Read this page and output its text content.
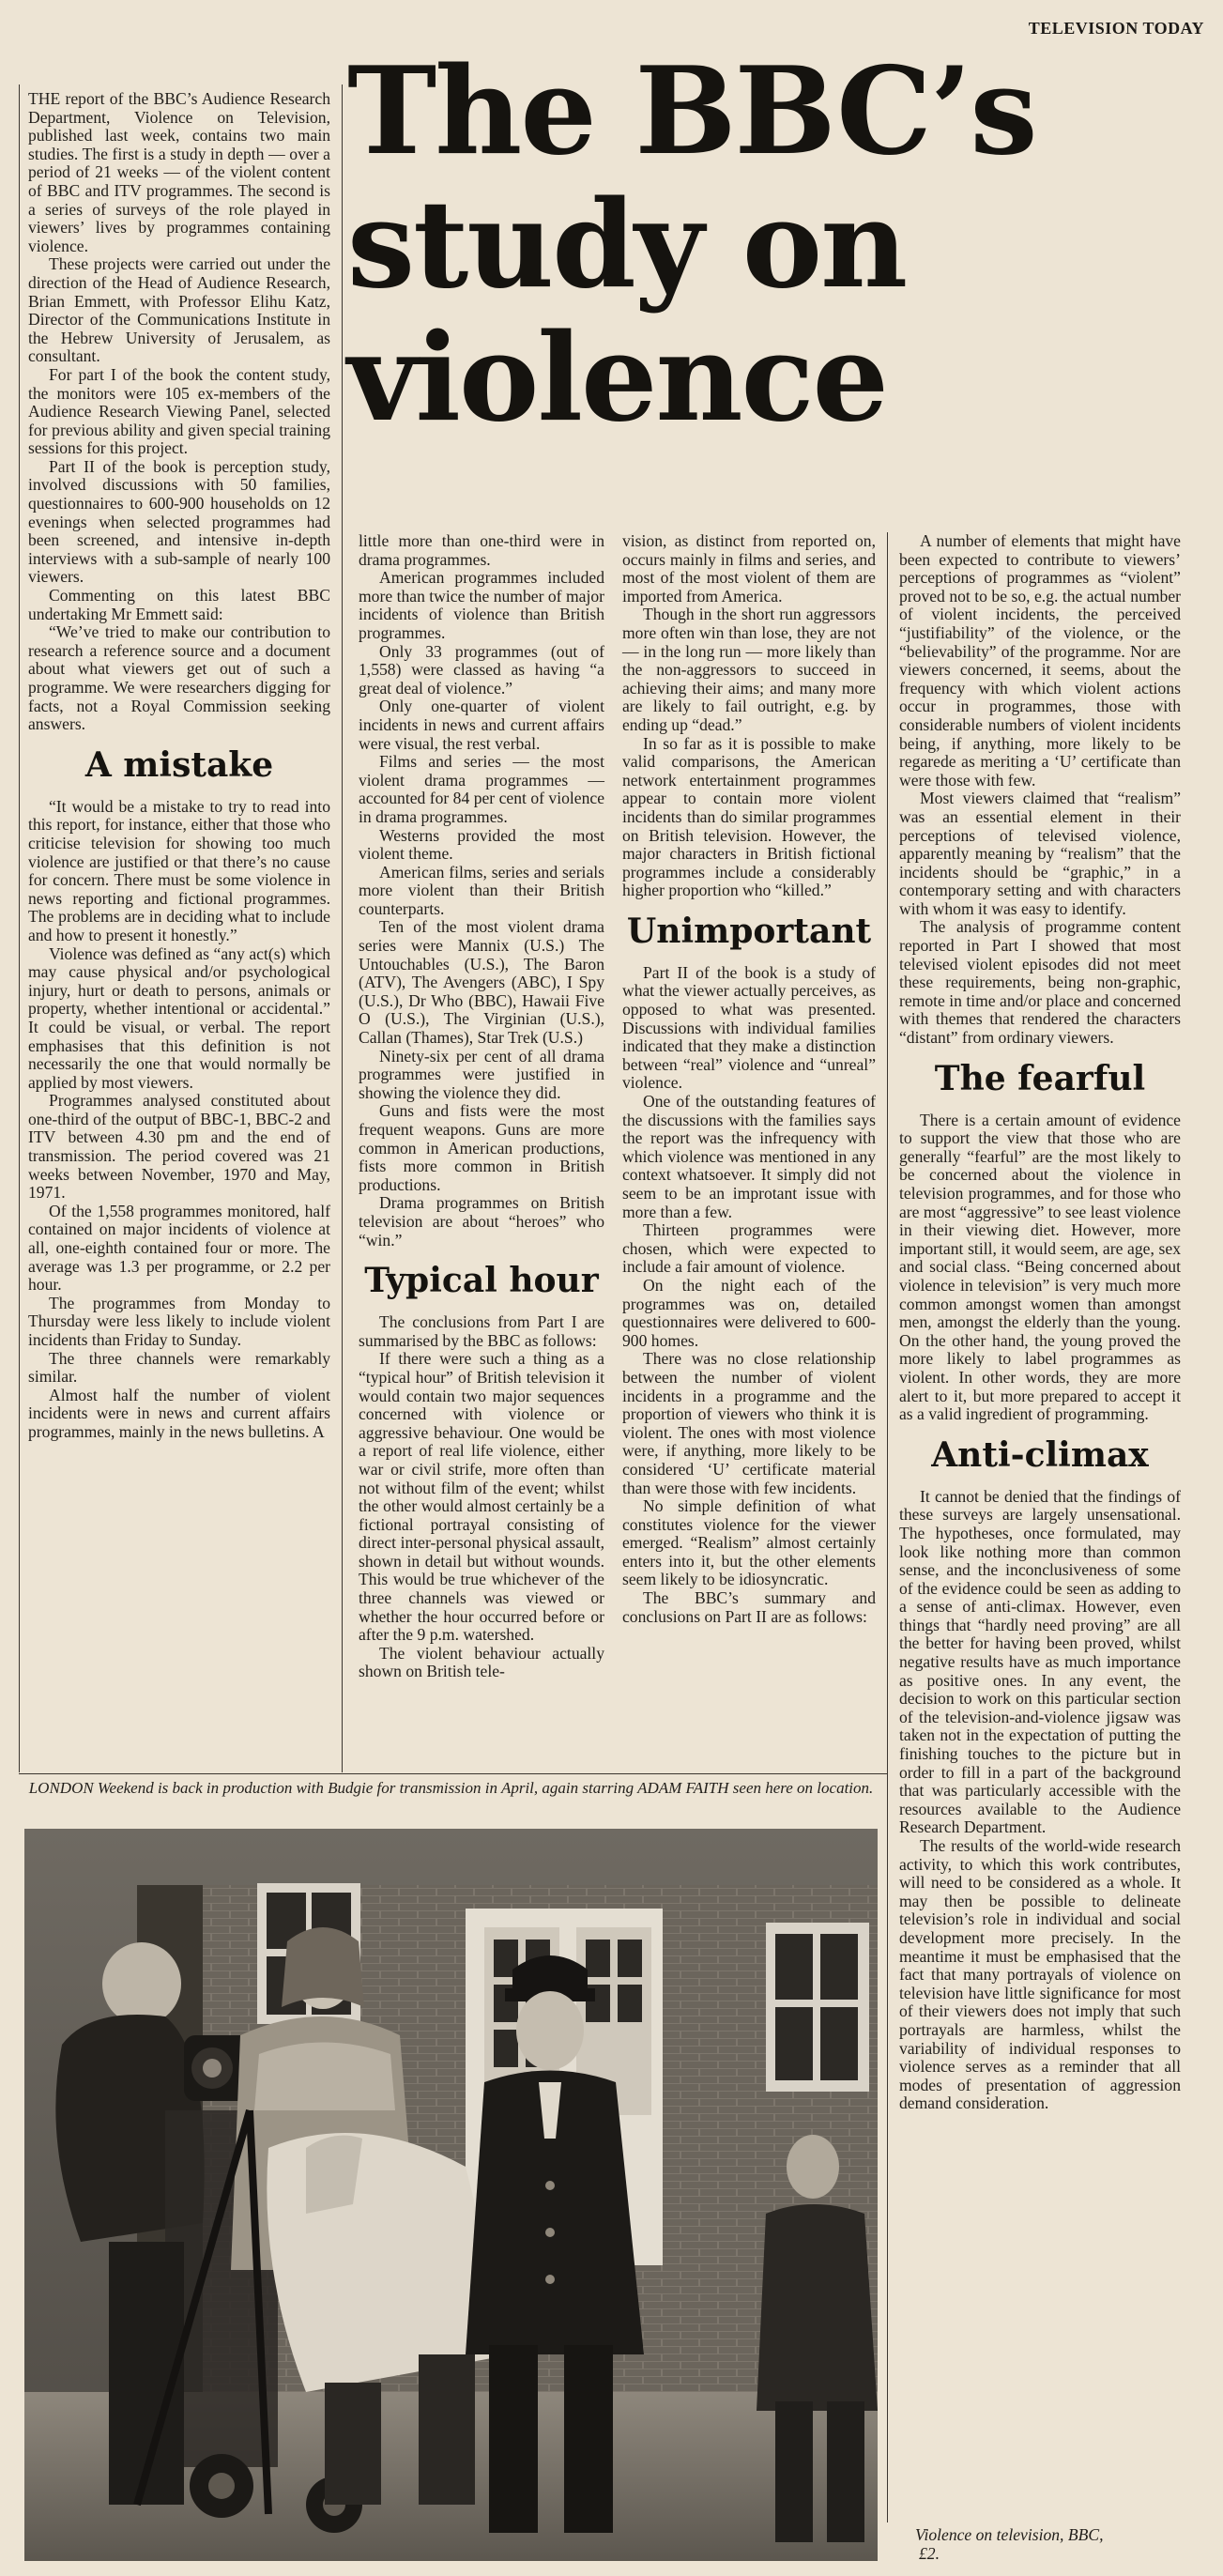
TELEVISION TODAY
The BBC’s
study on
violence

THE report of the BBC’s Audience Research Department, Violence on Television, published last week, contains two main studies. The first is a study in depth — over a period of 21 weeks — of the violent content of BBC and ITV programmes. The second is a series of surveys of the role played in viewers’ lives by programmes containing violence.

These projects were carried out under the direction of the Head of Audience Research, Brian Emmett, with Professor Elihu Katz, Director of the Communications Institute in the Hebrew University of Jerusalem, as consultant.

For part I of the book the content study, the monitors were 105 ex-members of the Audience Research Viewing Panel, selected for previous ability and given special training sessions for this project.

Part II of the book is perception study, involved discussions with 50 families, questionnaires to 600-900 households on 12 evenings when selected programmes had been screened, and intensive in-depth interviews with a sub-sample of nearly 100 viewers.

Commenting on this latest BBC undertaking Mr Emmett said:

“We’ve tried to make our contribution to research a reference source and a document about what viewers get out of such a programme. We were researchers digging for facts, not a Royal Commission seeking answers.

A mistake

“It would be a mistake to try to read into this report, for instance, either that those who criticise television for showing too much violence are justified or that there’s no cause for concern. There must be some violence in news reporting and fictional programmes. The problems are in deciding what to include and how to present it honestly.”

Violence was defined as “any act(s) which may cause physical and/or psychological injury, hurt or death to persons, animals or property, whether intentional or accidental.” It could be visual, or verbal. The report emphasises that this definition is not necessarily the one that would normally be applied by most viewers.

Programmes analysed constituted about one-third of the output of BBC-1, BBC-2 and ITV between 4.30 pm and the end of transmission. The period covered was 21 weeks between November, 1970 and May, 1971.

Of the 1,558 programmes monitored, half contained on major incidents of violence at all, one-eighth contained four or more. The average was 1.3 per programme, or 2.2 per hour.

The programmes from Monday to Thursday were less likely to include violent incidents than Friday to Sunday.

The three channels were remarkably similar.

Almost half the number of violent incidents were in news and current affairs programmes, mainly in the news bulletins. A

little more than one-third were in drama programmes.

American programmes included more than twice the number of major incidents of violence than British programmes.

Only 33 programmes (out of 1,558) were classed as having “a great deal of violence.”

Only one-quarter of violent incidents in news and current affairs were visual, the rest verbal.

Films and series — the most violent drama programmes — accounted for 84 per cent of violence in drama programmes.

Westerns provided the most violent theme.

American films, series and serials more violent than their British counterparts.

Ten of the most violent drama series were Mannix (U.S.) The Untouchables (U.S.), The Baron (ATV), The Avengers (ABC), I Spy (U.S.), Dr Who (BBC), Hawaii Five O (U.S.), The Virginian (U.S.), Callan (Thames), Star Trek (U.S.)

Ninety-six per cent of all drama programmes were justified in showing the violence they did.

Guns and fists were the most frequent weapons. Guns are more common in American productions, fists more common in British productions.

Drama programmes on British television are about “heroes” who “win.”

Typical hour

The conclusions from Part I are summarised by the BBC as follows:

If there were such a thing as a “typical hour” of British television it would contain two major sequences concerned with violence or aggressive behaviour. One would be a report of real life violence, either war or civil strife, more often than not without film of the event; whilst the other would almost certainly be a fictional portrayal consisting of direct inter-personal physical assault, shown in detail but without wounds. This would be true whichever of the three channels was viewed or whether the hour occurred before or after the 9 p.m. watershed.

The violent behaviour actually shown on British tele-

vision, as distinct from reported on, occurs mainly in films and series, and most of the most violent of them are imported from America.

Though in the short run aggressors more often win than lose, they are not — in the long run — more likely than the non-aggressors to succeed in achieving their aims; and many more are likely to fail outright, e.g. by ending up “dead.”

In so far as it is possible to make valid comparisons, the American network entertainment programmes appear to contain more violent incidents than do similar programmes on British television. However, the major characters in British fictional programmes include a considerably higher proportion who “killed.”

Unimportant

Part II of the book is a study of what the viewer actually perceives, as opposed to what was presented. Discussions with individual families indicated that they make a distinction between “real” violence and “unreal” violence.

One of the outstanding features of the discussions with the families says the report was the infrequency with which violence was mentioned in any context whatsoever. It simply did not seem to be an improtant issue with more than a few.

Thirteen programmes were chosen, which were expected to include a fair amount of violence.

On the night each of the programmes was on, detailed questionnaires were delivered to 600-900 homes.

There was no close relationship between the number of violent incidents in a programme and the proportion of viewers who think it is violent. The ones with most violence were, if anything, more likely to be considered ‘U’ certificate material than were those with few incidents.

No simple definition of what constitutes violence for the viewer emerged. “Realism” almost certainly enters into it, but the other elements seem likely to be idiosyncratic.

The BBC’s summary and conclusions on Part II are as follows:

A number of elements that might have been expected to contribute to viewers’ perceptions of programmes as “violent” proved not to be so, e.g. the actual number of violent incidents, the perceived “justifiability” of the violence, or the “believability” of the programme. Nor are viewers concerned, it seems, about the frequency with which violent actions occur in programmes, those with considerable numbers of violent incidents being, if anything, more likely to be regarede as meriting a ‘U’ certificate than were those with few.

Most viewers claimed that “realism” was an essential element in their perceptions of televised violence, apparently meaning by “realism” that the incidents should be “graphic,” in a contemporary setting and with characters with whom it was easy to identify.

The analysis of programme content reported in Part I showed that most televised violent episodes did not meet these requirements, being non-graphic, remote in time and/or place and concerned with themes that rendered the characters “distant” from ordinary viewers.

The fearful

There is a certain amount of evidence to support the view that those who are generally “fearful” are the most likely to be concerned about the violence in television programmes, and for those who are most “aggressive” to see least violence in their viewing diet. However, more important still, it would seem, are age, sex and social class. “Being concerned about violence in television” is very much more common amongst women than amongst men, amongst the elderly than the young. On the other hand, the young proved the more likely to label programmes as violent. In other words, they are more alert to it, but more prepared to accept it as a valid ingredient of programming.

Anti-climax

It cannot be denied that the findings of these surveys are largely unsensational. The hypotheses, once formulated, may look like nothing more than common sense, and the inconclusiveness of some of the evidence could be seen as adding to a sense of anti-climax. However, even things that “hardly need proving” are all the better for having been proved, whilst negative results have as much importance as positive ones. In any event, the decision to work on this particular section of the television-and-violence jigsaw was taken not in the expectation of putting the finishing touches to the picture but in order to fill in a part of the background that was particularly accessible with the resources available to the Audience Research Department.

The results of the world-wide research activity, to which this work contributes, will need to be considered as a whole. It may then be possible to delineate television’s role in individual and social development more precisely. In the meantime it must be emphasised that the fact that many portrayals of violence on television have little significance for most of their viewers does not imply that such portrayals are harmless, whilst the variability of individual responses to violence serves as a reminder that all modes of presentation of aggression demand consideration.

Violence on television, BBC,
£2.
LONDON Weekend is back in production with Budgie for transmission in April, again starring ADAM FAITH seen here on location.
